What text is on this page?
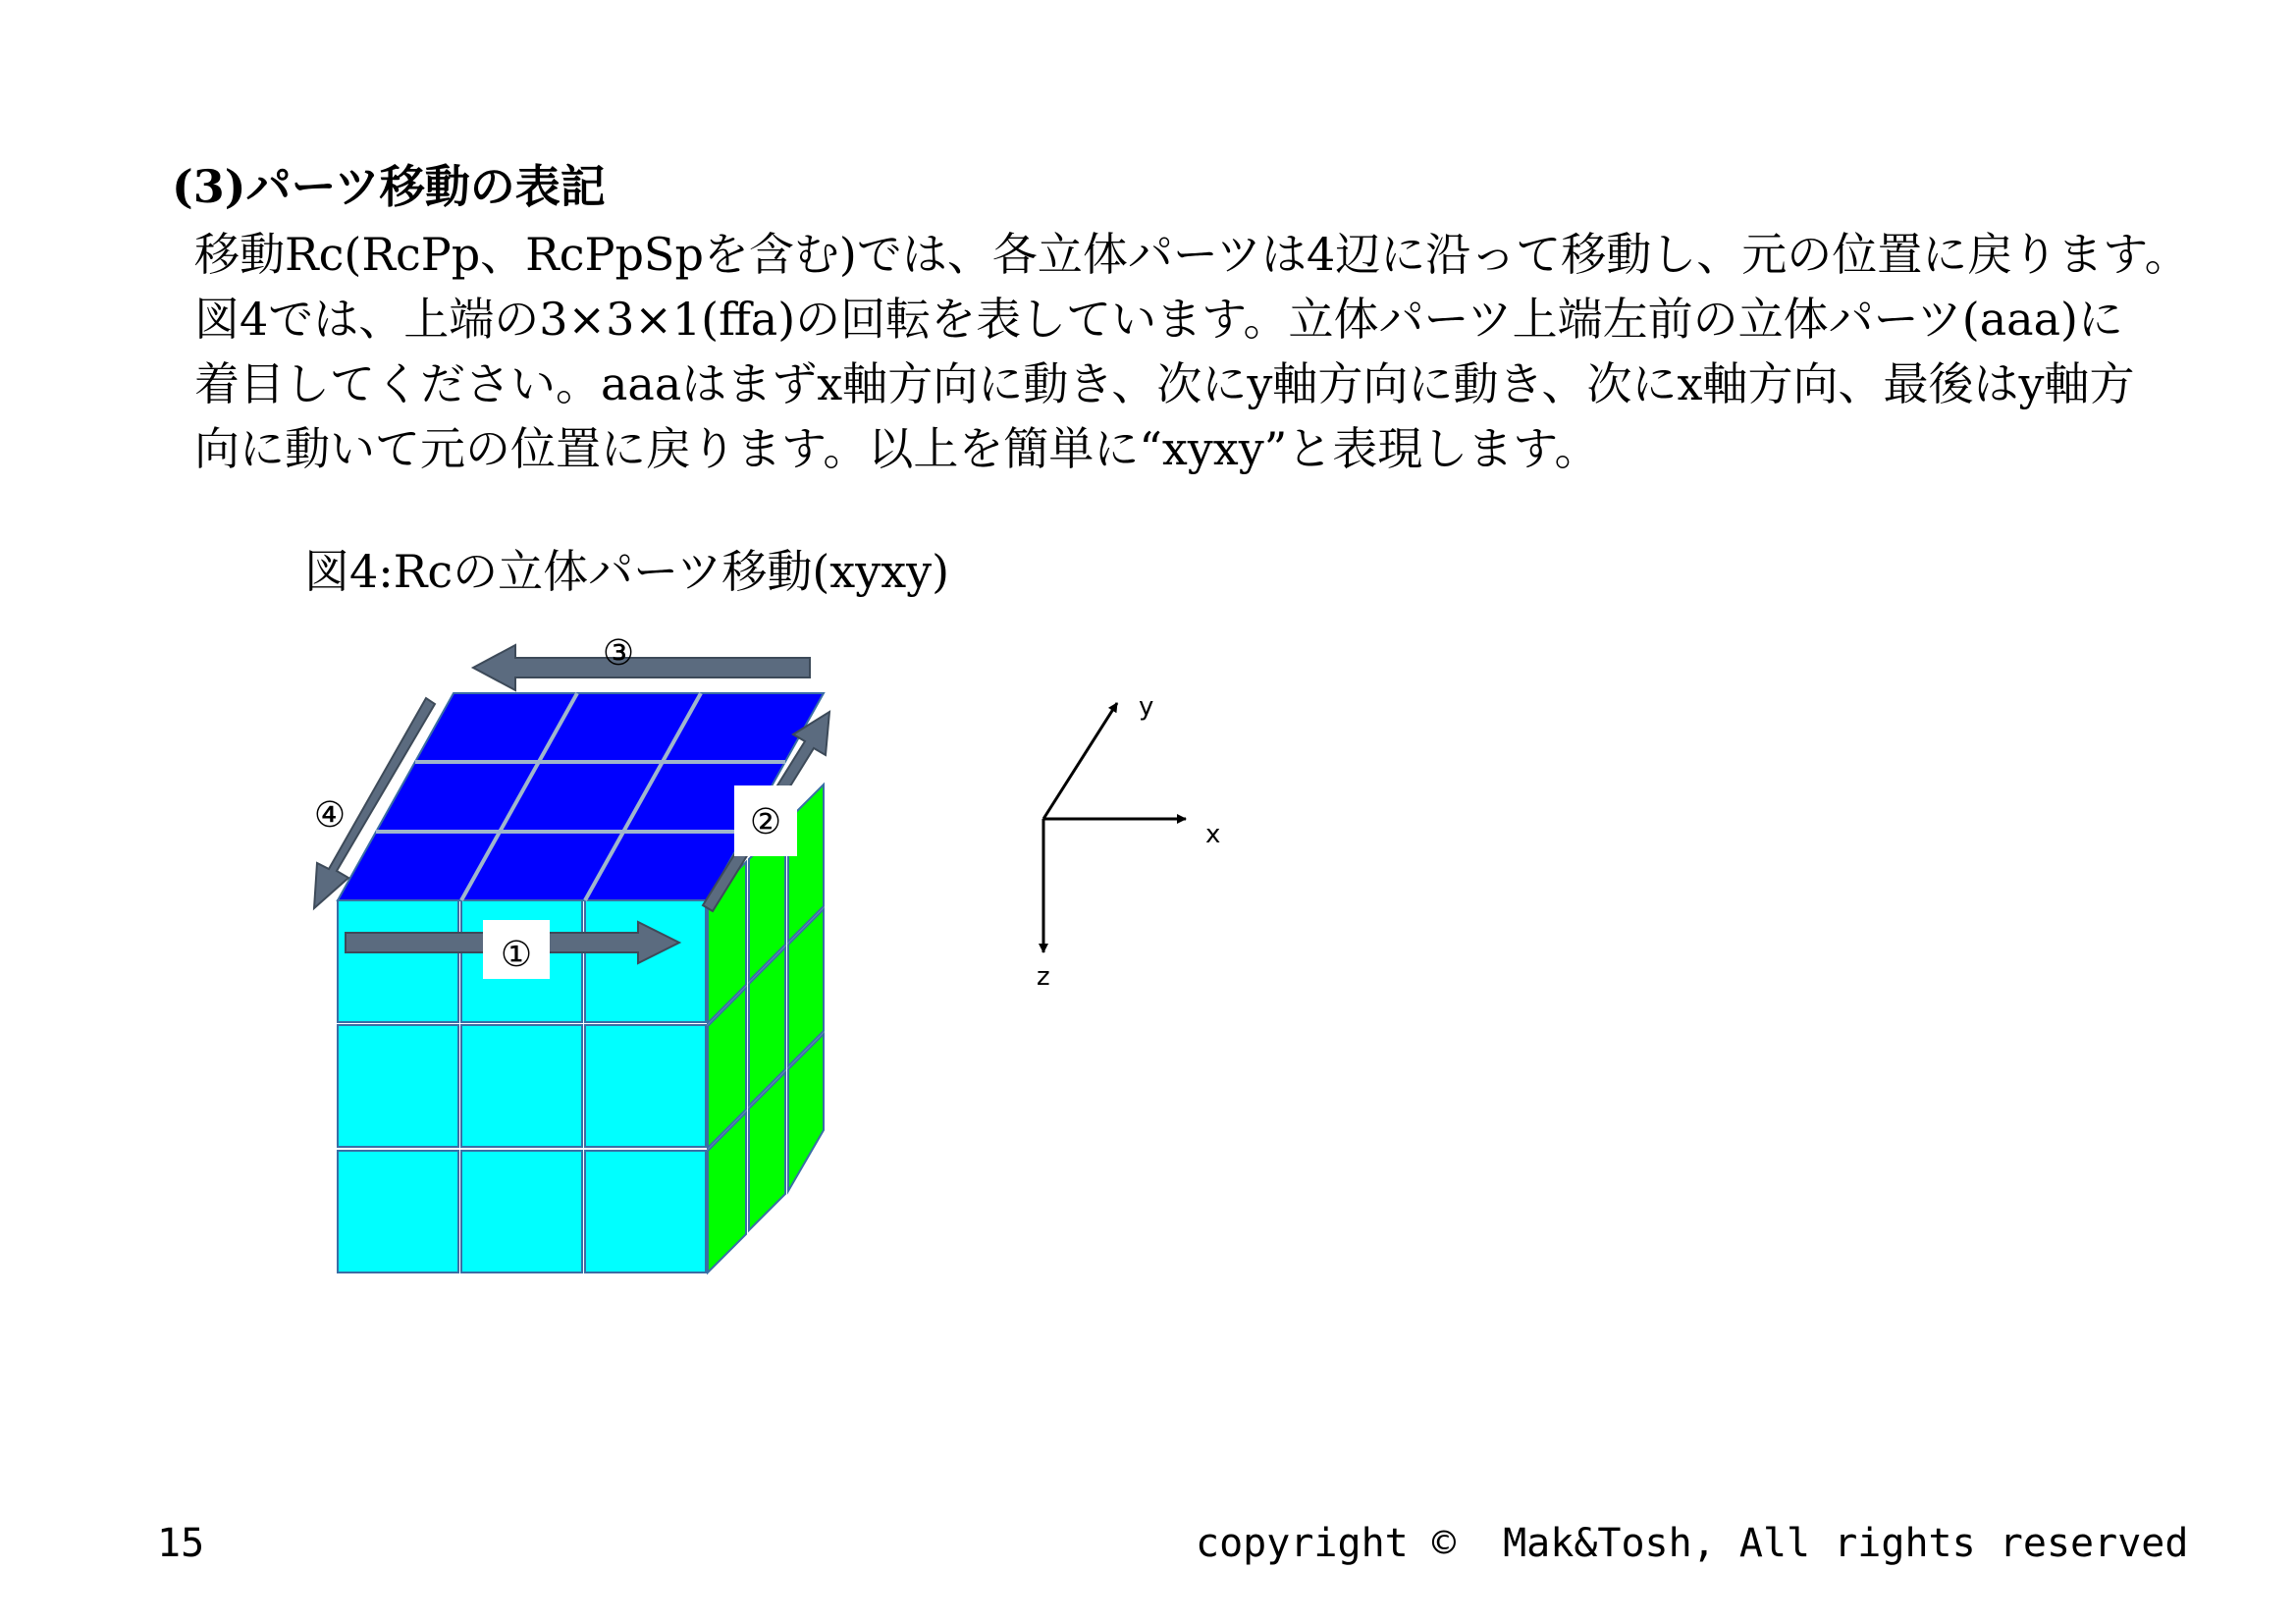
(3)パーツ移動の表記
移動Rc(RcPp、RcPpSpを含む)では、各立体パーツは4辺に沿って移動し、元の位置に戻ります。
図4では、上端の3×3×1(ffa)の回転を表しています。立体パーツ上端左前の立体パーツ(aaa)に
着目してください。aaaはまずx軸方向に動き、次にy軸方向に動き、次にx軸方向、最後はy軸方
向に動いて元の位置に戻ります。以上を簡単に“xyxy”と表現します。
図4:Rcの立体パーツ移動(xyxy)
①
②
③
④	x
y
z
15	copyright ©  Mak&Tosh, All rights reserved
